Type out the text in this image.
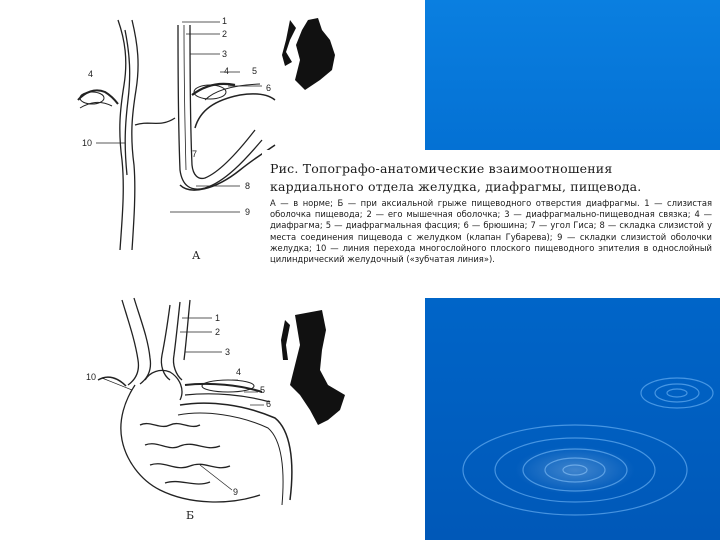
1
2
3
4	5
6
7
8
9
10
4
А
1
2
3
4
5
6
9
10
Б
Рис. Топографо-анатомические взаимоотношения кардиального отдела желудка, диафрагмы, пищевода.
А — в норме; Б — при аксиальной грыже пищеводного отверстия диафрагмы. 1 — слизистая оболочка пищевода; 2 — его мышечная оболочка; 3 — диафрагмально-пищеводная связка; 4 — диафрагма; 5 — диафрагмальная фасция; 6 — брюшина; 7 — угол Гиса; 8 — складка слизистой у места соединения пищевода с желудком (клапан Губарева); 9 — складки слизистой оболочки желудка; 10 — линия перехода многослойного плоского пищеводного эпителия в однослойный цилиндрический желудочный («зубчатая линия»).
